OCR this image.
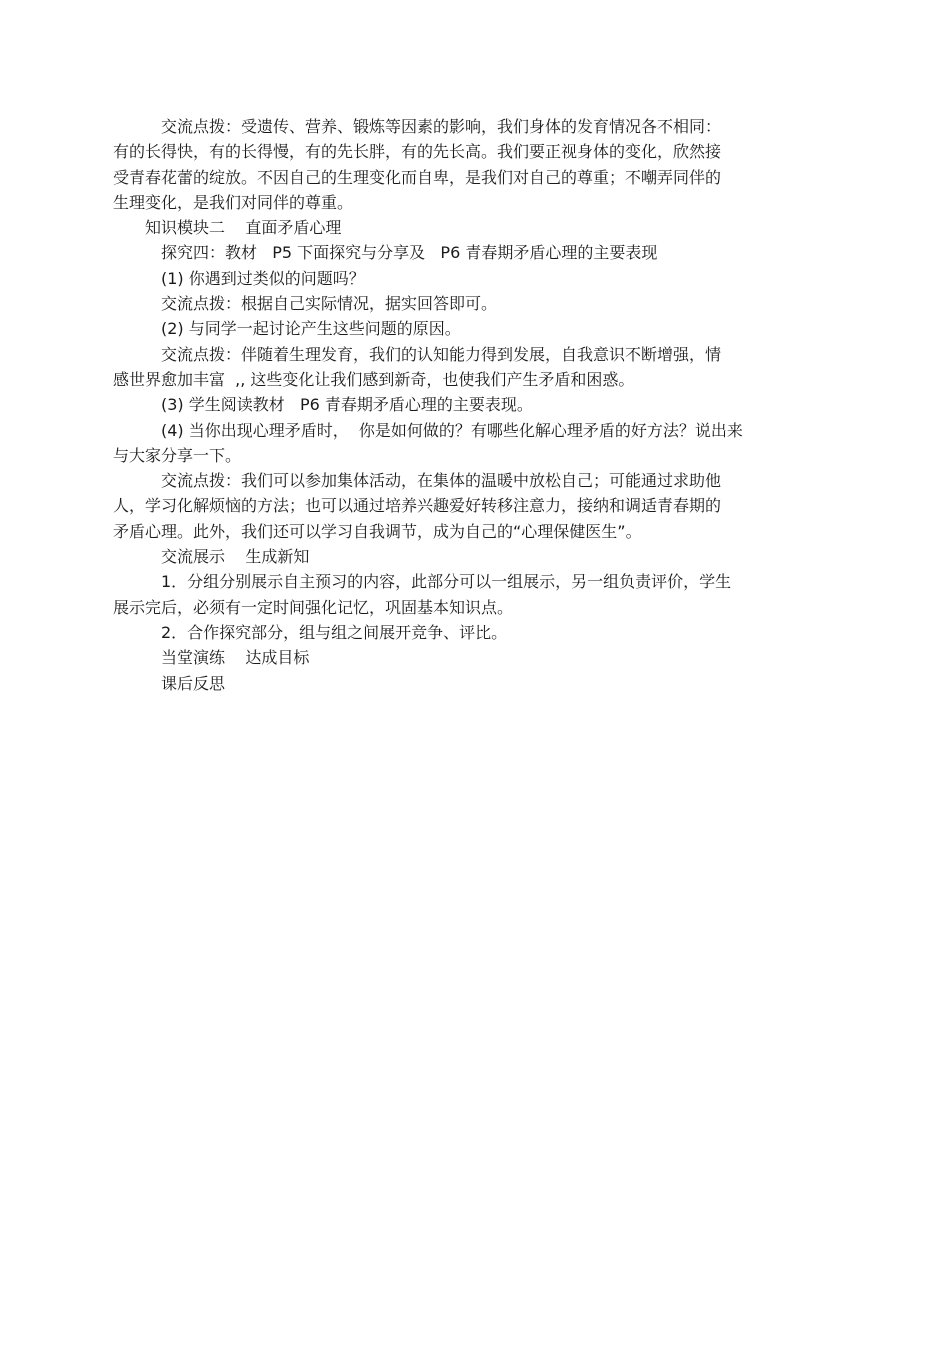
交流点拨：受遗传、营养、锻炼等因素的影响，我们身体的发育情况各不相同：
有的长得快，有的长得慢，有的先长胖，有的先长高。我们要正视身体的变化，欣然接
受青春花蕾的绽放。不因自己的生理变化而自卑，是我们对自己的尊重；不嘲弄同伴的
生理变化，是我们对同伴的尊重。
知识模块二    直面矛盾心理
探究四：教材   P5 下面探究与分享及   P6 青春期矛盾心理的主要表现
(1) 你遇到过类似的问题吗？
交流点拨：根据自己实际情况，据实回答即可。
(2) 与同学一起讨论产生这些问题的原因。
交流点拨：伴随着生理发育，我们的认知能力得到发展，自我意识不断增强，情
感世界愈加丰富  ,, 这些变化让我们感到新奇，也使我们产生矛盾和困惑。
(3) 学生阅读教材   P6 青春期矛盾心理的主要表现。
(4) 当你出现心理矛盾时，  你是如何做的？有哪些化解心理矛盾的好方法？说出来
与大家分享一下。
交流点拨：我们可以参加集体活动，在集体的温暖中放松自己；可能通过求助他
人，学习化解烦恼的方法；也可以通过培养兴趣爱好转移注意力，接纳和调适青春期的
矛盾心理。此外，我们还可以学习自我调节，成为自己的“心理保健医生”。
交流展示    生成新知
1．分组分别展示自主预习的内容，此部分可以一组展示，另一组负责评价，学生
展示完后，必须有一定时间强化记忆，巩固基本知识点。
2．合作探究部分，组与组之间展开竞争、评比。
当堂演练    达成目标
课后反思
